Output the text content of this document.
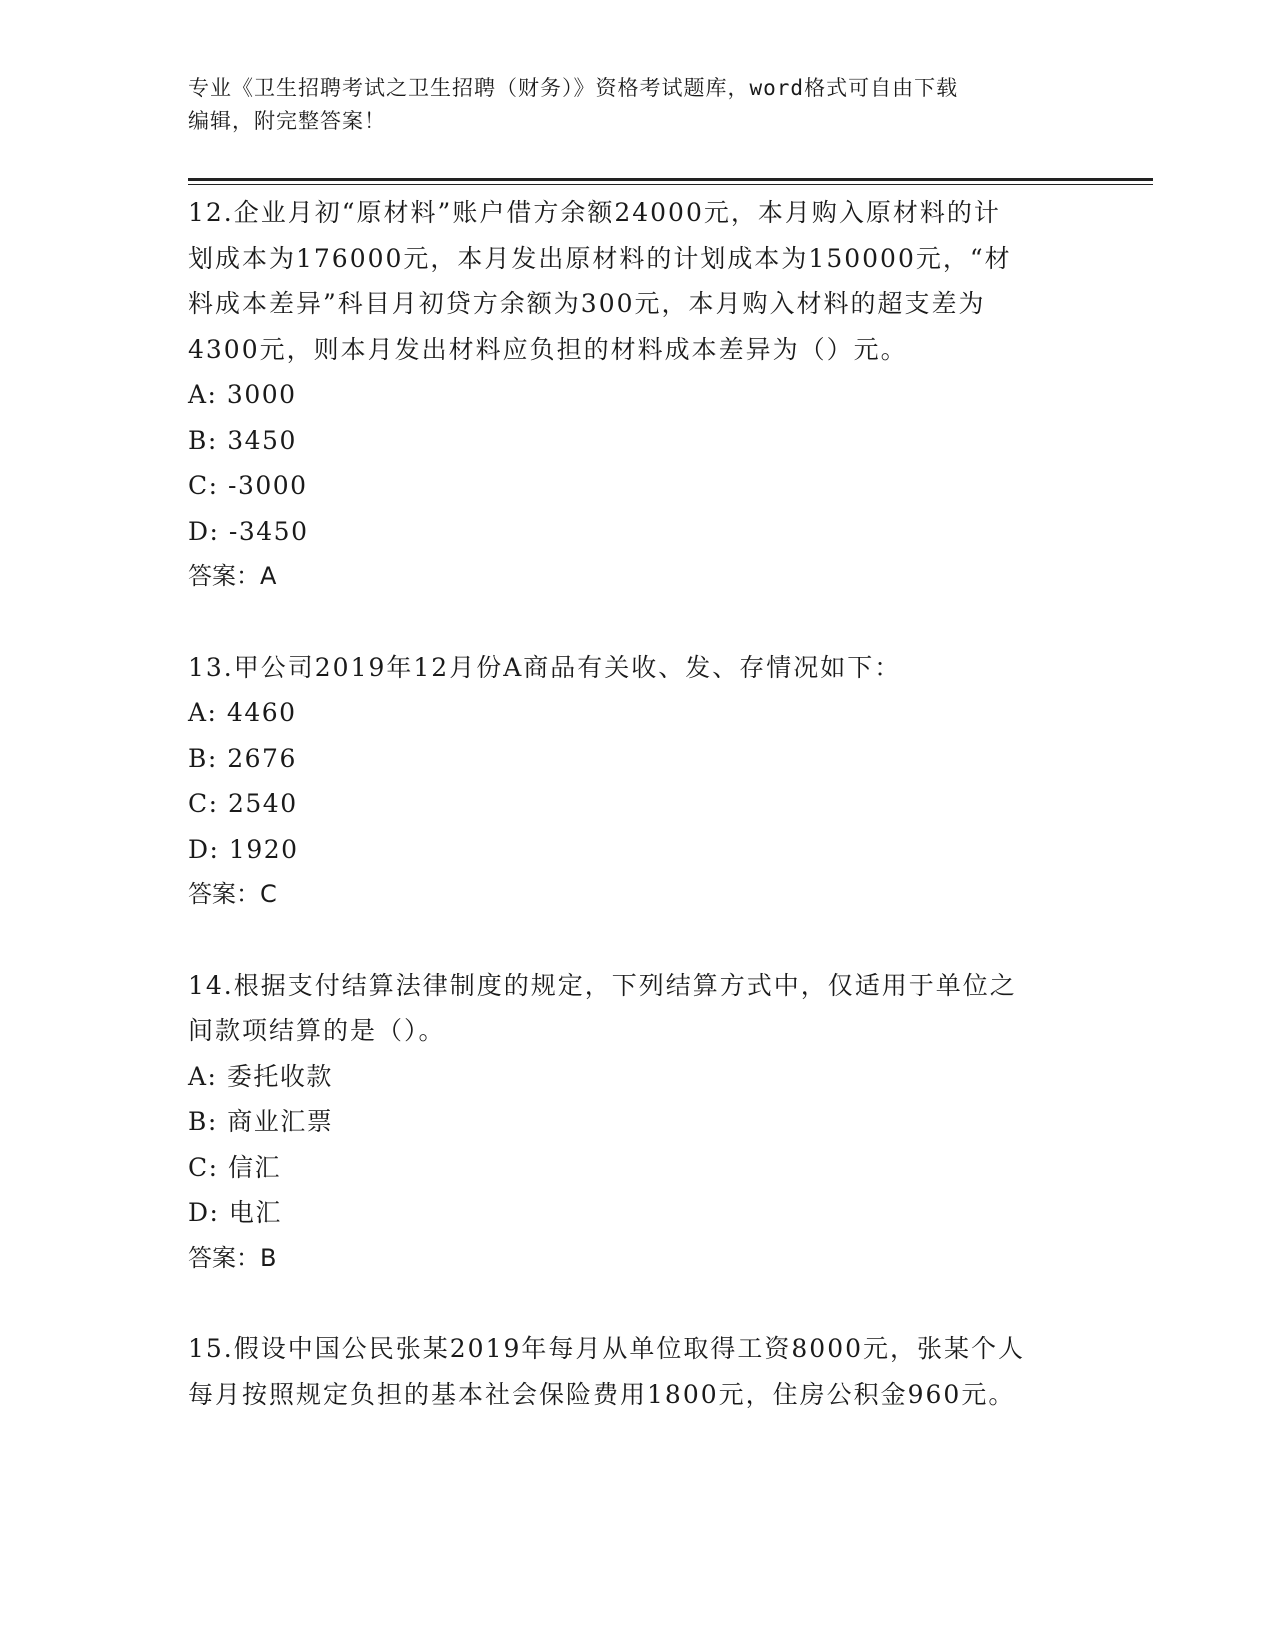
专业《卫生招聘考试之卫生招聘（财务）》资格考试题库，word格式可自由下载
编辑，附完整答案！

12.企业月初“原材料”账户借方余额24000元，本月购入原材料的计

划成本为176000元，本月发出原材料的计划成本为150000元，“材

料成本差异”科目月初贷方余额为300元，本月购入材料的超支差为

4300元，则本月发出材料应负担的材料成本差异为（）元。

A: 3000

B: 3450

C: -3000

D: -3450

答案：A

13.甲公司2019年12月份A商品有关收、发、存情况如下：

A: 4460

B: 2676

C: 2540

D: 1920

答案：C

14.根据支付结算法律制度的规定，下列结算方式中，仅适用于单位之

间款项结算的是（）。

A: 委托收款

B: 商业汇票

C: 信汇

D: 电汇

答案：B

15.假设中国公民张某2019年每月从单位取得工资8000元，张某个人

每月按照规定负担的基本社会保险费用1800元，住房公积金960元。
